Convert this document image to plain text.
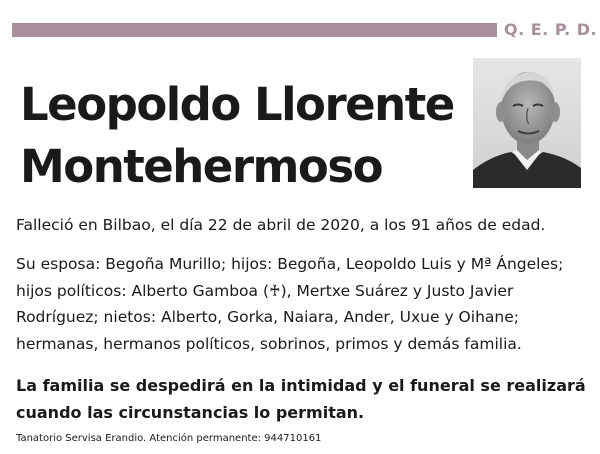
Q. E. P. D.
Leopoldo Llorente
Montehermoso
Falleció en Bilbao, el día 22 de abril de 2020, a los 91 años de edad.
Su esposa: Begoña Murillo; hijos: Begoña, Leopoldo Luis y Mª Ángeles; hijos políticos: Alberto Gamboa (♰), Mertxe Suárez y Justo Javier Rodríguez; nietos: Alberto, Gorka, Naiara, Ander, Uxue y Oihane; hermanas, hermanos políticos, sobrinos, primos y demás familia.
La familia se despedirá en la intimidad y el funeral se realizará cuando las circunstancias lo permitan.
Tanatorio Servisa Erandio. Atención permanente: 944710161
